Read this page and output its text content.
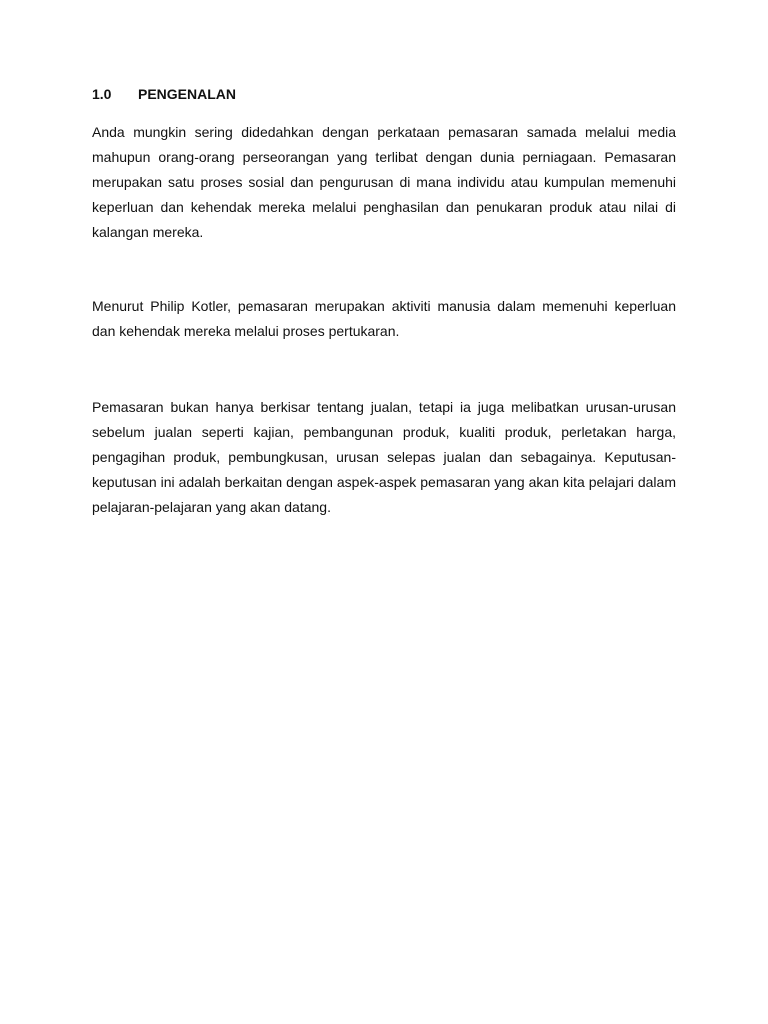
1.0 PENGENALAN

Anda mungkin sering didedahkan dengan perkataan pemasaran samada melalui media mahupun orang-orang perseorangan yang terlibat dengan dunia perniagaan. Pemasaran merupakan satu proses sosial dan pengurusan di mana individu atau kumpulan memenuhi keperluan dan kehendak mereka melalui penghasilan dan penukaran produk atau nilai di kalangan mereka.

Menurut Philip Kotler, pemasaran merupakan aktiviti manusia dalam memenuhi keperluan dan kehendak mereka melalui proses pertukaran.

Pemasaran bukan hanya berkisar tentang jualan, tetapi ia juga melibatkan urusan-urusan sebelum jualan seperti kajian, pembangunan produk, kualiti produk, perletakan harga, pengagihan produk, pembungkusan, urusan selepas jualan dan sebagainya. Keputusan-keputusan ini adalah berkaitan dengan aspek-aspek pemasaran yang akan kita pelajari dalam pelajaran-pelajaran yang akan datang.
